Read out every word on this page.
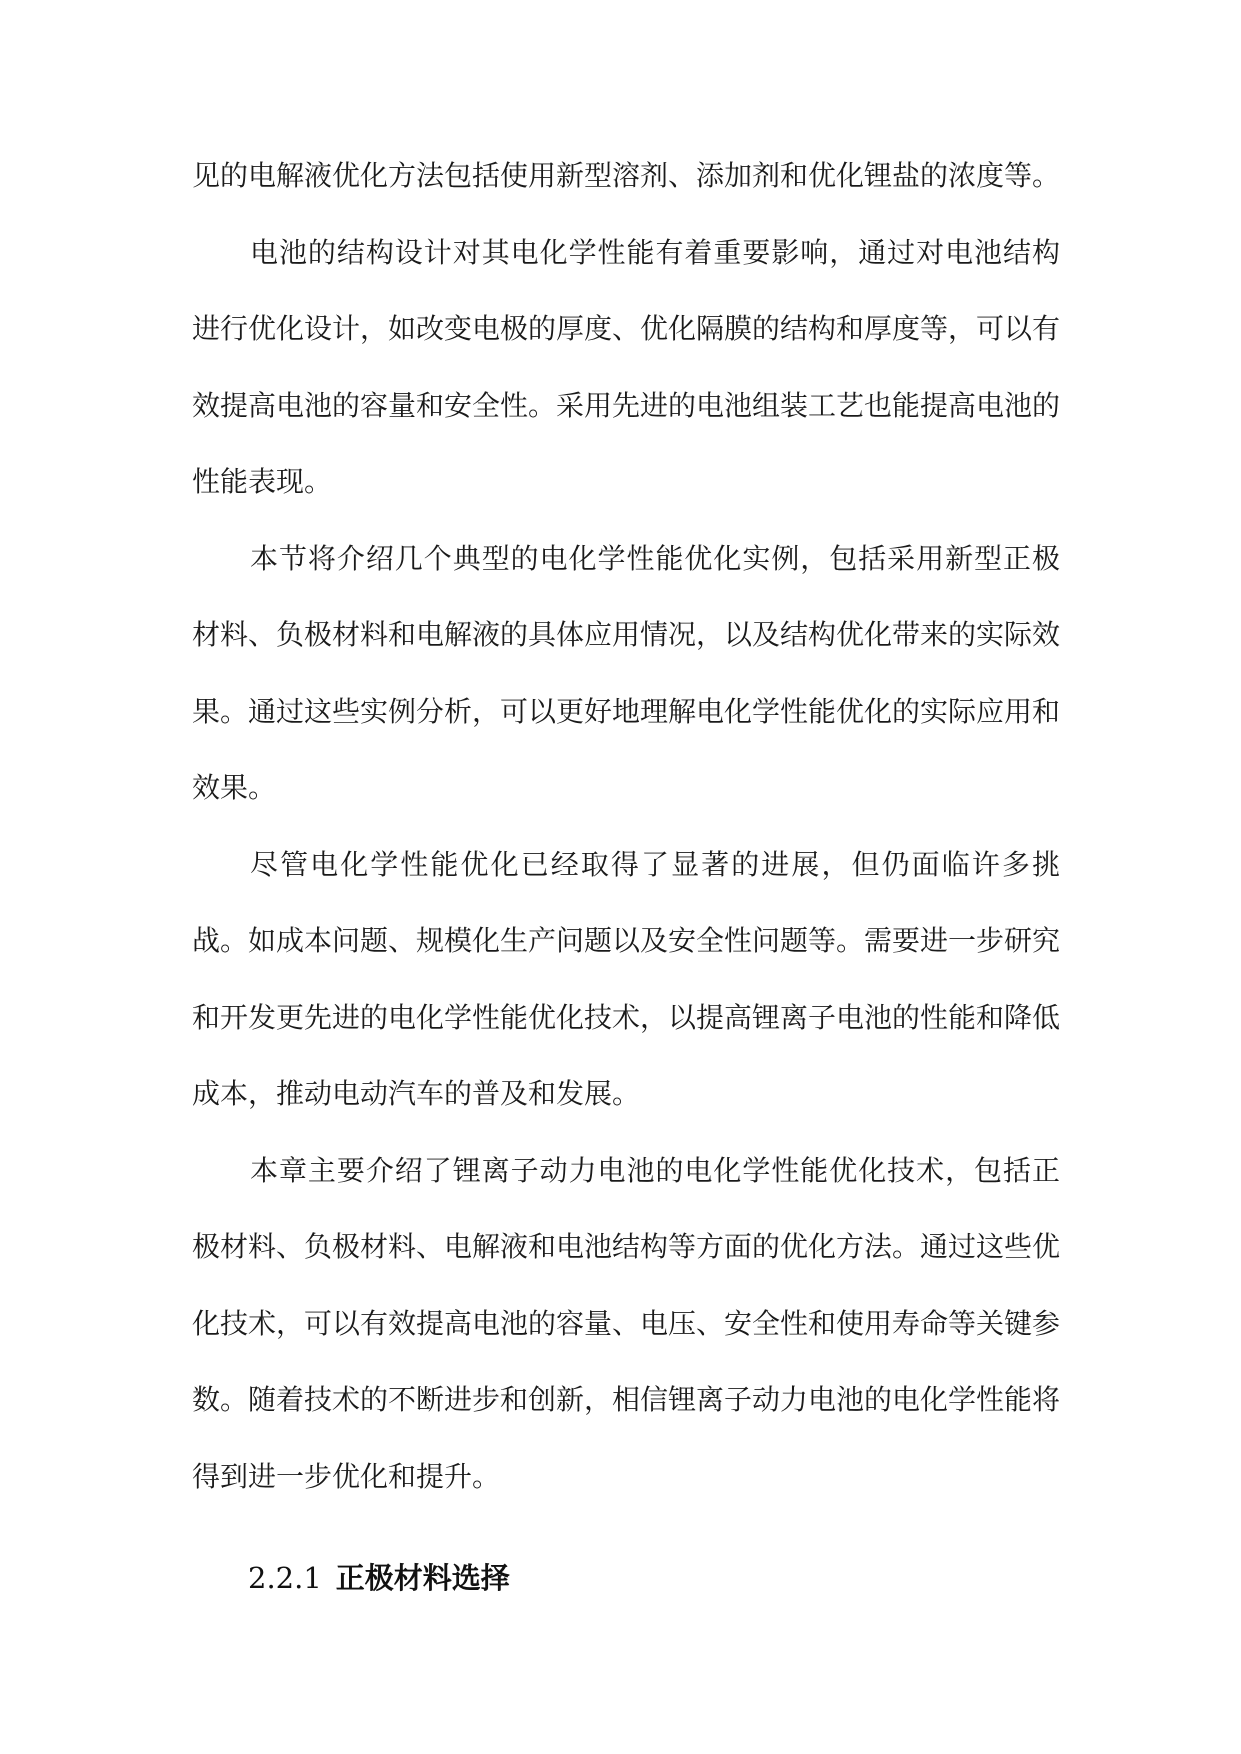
见的电解液优化方法包括使用新型溶剂、添加剂和优化锂盐的浓度等。

电池的结构设计对其电化学性能有着重要影响，通过对电池结构进行优化设计，如改变电极的厚度、优化隔膜的结构和厚度等，可以有效提高电池的容量和安全性。采用先进的电池组装工艺也能提高电池的性能表现。

本节将介绍几个典型的电化学性能优化实例，包括采用新型正极材料、负极材料和电解液的具体应用情况，以及结构优化带来的实际效果。通过这些实例分析，可以更好地理解电化学性能优化的实际应用和效果。

尽管电化学性能优化已经取得了显著的进展，但仍面临许多挑战。如成本问题、规模化生产问题以及安全性问题等。需要进一步研究和开发更先进的电化学性能优化技术，以提高锂离子电池的性能和降低成本，推动电动汽车的普及和发展。

本章主要介绍了锂离子动力电池的电化学性能优化技术，包括正极材料、负极材料、电解液和电池结构等方面的优化方法。通过这些优化技术，可以有效提高电池的容量、电压、安全性和使用寿命等关键参数。随着技术的不断进步和创新，相信锂离子动力电池的电化学性能将得到进一步优化和提升。

2.2.1 正极材料选择
